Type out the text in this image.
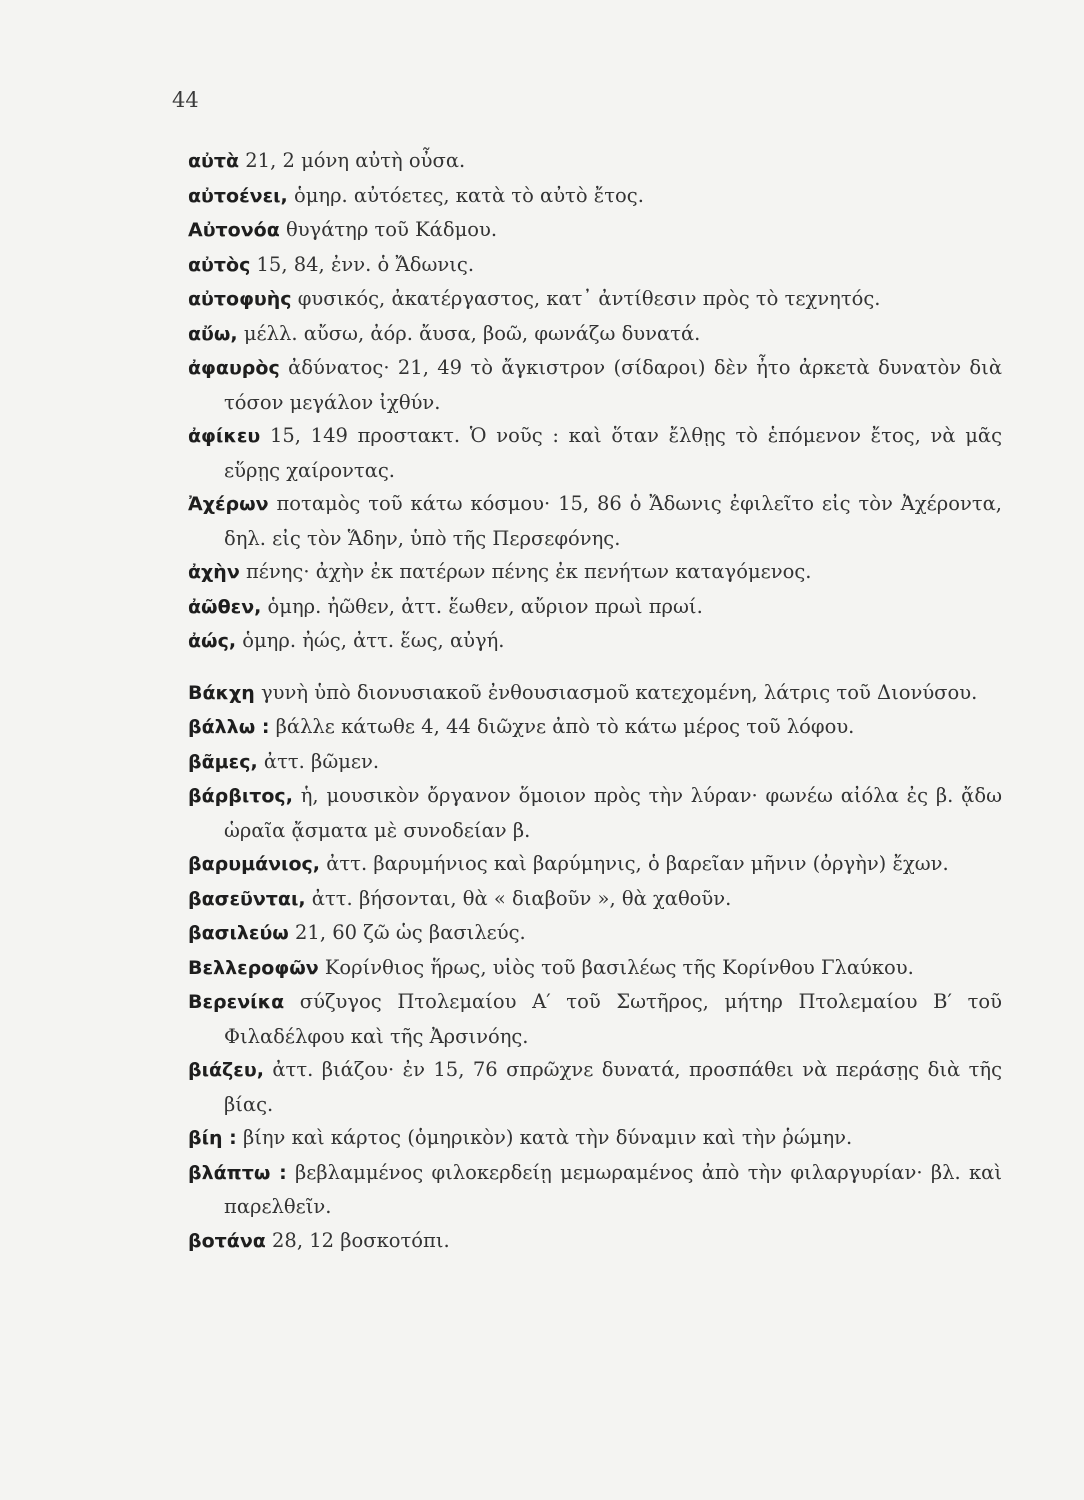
44
αὐτὰ 21, 2 μόνη αὐτὴ οὖσα.
αὐτοένει, ὁμηρ. αὐτόετες, κατὰ τὸ αὐτὸ ἔτος.
Αὐτονόα θυγάτηρ τοῦ Κάδμου.
αὐτὸς 15, 84, ἐνν. ὁ Ἄδωνις.
αὐτοφυὴς φυσικός, ἀκατέργαστος, κατ᾽ ἀντίθεσιν πρὸς τὸ τεχνητός.
αὔω, μέλλ. αὔσω, ἀόρ. ἄυσα, βοῶ, φωνάζω δυνατά.
ἀφαυρὸς ἀδύνατος· 21, 49 τὸ ἄγκιστρον (σίδαροι) δὲν ἦτο ἀρκετὰ δυνατὸν διὰ τόσον μεγάλον ἰχθύν.
ἀφίκευ 15, 149 προστακτ. Ὁ νοῦς : καὶ ὅταν ἔλθῃς τὸ ἑπόμενον ἔτος, νὰ μᾶς εὕρῃς χαίροντας.
Ἀχέρων ποταμὸς τοῦ κάτω κόσμου· 15, 86 ὁ Ἄδωνις ἐφιλεῖτο εἰς τὸν Ἀχέροντα, δηλ. εἰς τὸν Ἅδην, ὑπὸ τῆς Περσεφόνης.
ἀχὴν πένης· ἀχὴν ἐκ πατέρων πένης ἐκ πενήτων καταγόμενος.
ἀῶθεν, ὁμηρ. ἠῶθεν, ἀττ. ἕωθεν, αὔριον πρωὶ πρωί.
ἀώς, ὁμηρ. ἠώς, ἀττ. ἕως, αὐγή.
Βάκχη γυνὴ ὑπὸ διονυσιακοῦ ἐνθουσιασμοῦ κατεχομένη, λάτρις τοῦ Διονύσου.
βάλλω : βάλλε κάτωθε 4, 44 διῶχνε ἀπὸ τὸ κάτω μέρος τοῦ λόφου.
βᾶμες, ἀττ. βῶμεν.
βάρβιτος, ἡ, μουσικὸν ὄργανον ὅμοιον πρὸς τὴν λύραν· φωνέω αἰόλα ἐς β. ᾄδω ὡραῖα ᾄσματα μὲ συνοδείαν β.
βαρυμάνιος, ἀττ. βαρυμήνιος καὶ βαρύμηνις, ὁ βαρεῖαν μῆνιν (ὀργὴν) ἔχων.
βασεῦνται, ἀττ. βήσονται, θὰ « διαβοῦν », θὰ χαθοῦν.
βασιλεύω 21, 60 ζῶ ὡς βασιλεύς.
Βελλεροφῶν Κορίνθιος ἥρως, υἱὸς τοῦ βασιλέως τῆς Κορίνθου Γλαύκου.
Βερενίκα σύζυγος Πτολεμαίου Α′ τοῦ Σωτῆρος, μήτηρ Πτολεμαίου Β′ τοῦ Φιλαδέλφου καὶ τῆς Ἀρσινόης.
βιάζευ, ἀττ. βιάζου· ἐν 15, 76 σπρῶχνε δυνατά, προσπάθει νὰ περάσῃς διὰ τῆς βίας.
βίη : βίην καὶ κάρτος (ὁμηρικὸν) κατὰ τὴν δύναμιν καὶ τὴν ῥώμην.
βλάπτω : βεβλαμμένος φιλοκερδείῃ μεμωραμένος ἀπὸ τὴν φιλαργυρίαν· βλ. καὶ παρελθεῖν.
βοτάνα 28, 12 βοσκοτόπι.
